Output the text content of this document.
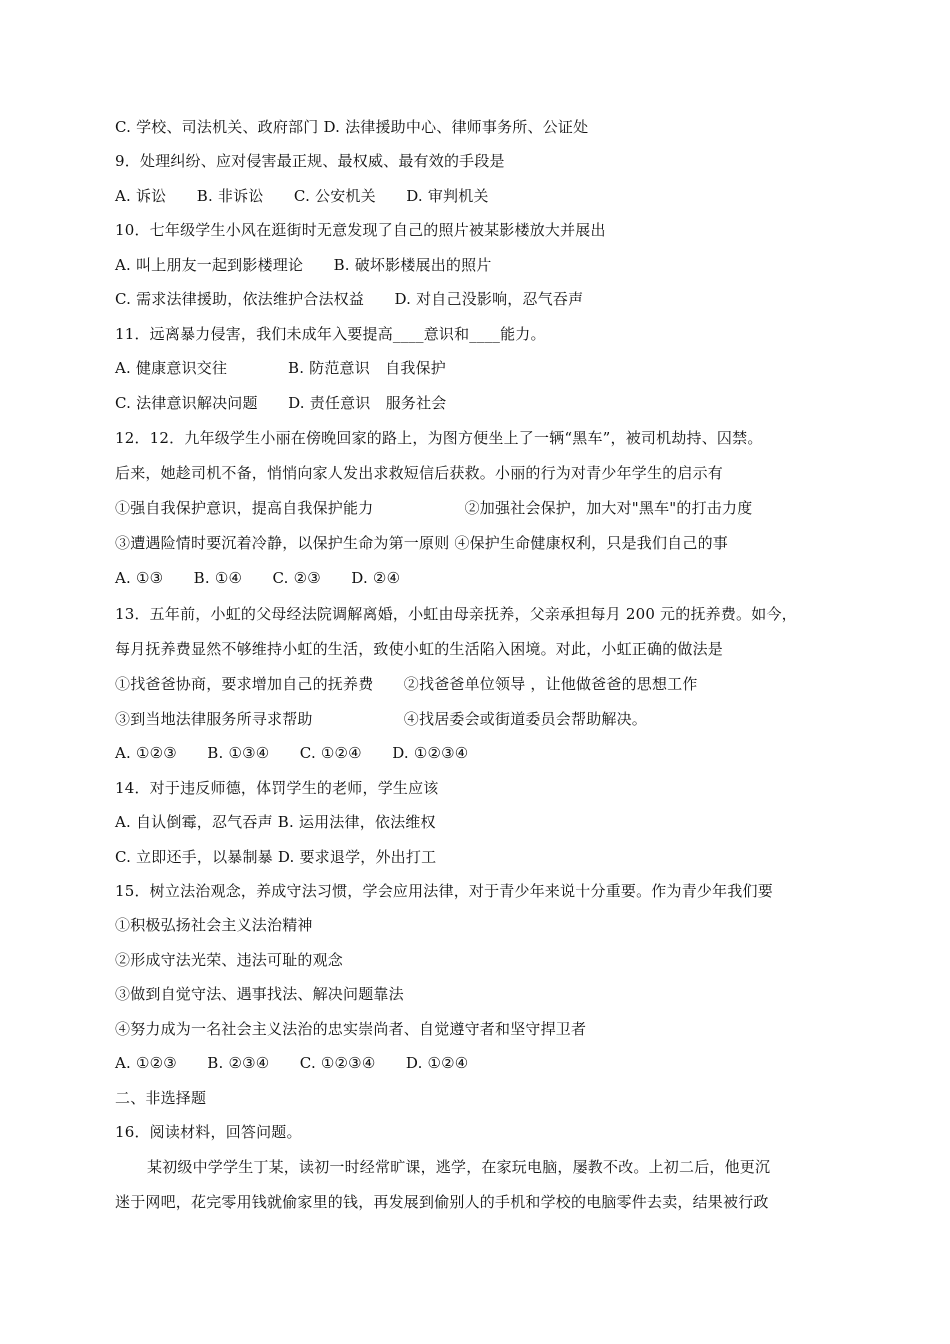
C. 学校、司法机关、政府部门 D. 法律援助中心、律师事务所、公证处
9．处理纠纷、应对侵害最正规、最权威、最有效的手段是
A. 诉讼　　B. 非诉讼　　C. 公安机关　　D. 审判机关
10．七年级学生小风在逛街时无意发现了自己的照片被某影楼放大并展出
A. 叫上朋友一起到影楼理论　　B. 破坏影楼展出的照片
C. 需求法律援助，依法维护合法权益　　D. 对自己没影响，忍气吞声
11．远离暴力侵害，我们未成年入要提高____意识和____能力。
A. 健康意识交往　　　　B. 防范意识　自我保护
C. 法律意识解决问题　　D. 责任意识　服务社会
12．12．九年级学生小丽在傍晚回家的路上，为图方便坐上了一辆“黑车”，被司机劫持、囚禁。
后来，她趁司机不备，悄悄向家人发出求救短信后获救。小丽的行为对青少年学生的启示有
①强自我保护意识，提高自我保护能力　　　　　　②加强社会保护，加大对"黑车"的打击力度
③遭遇险情时要沉着冷静，以保护生命为第一原则 ④保护生命健康权利，只是我们自己的事
A. ①③　　B. ①④　　C. ②③　　D. ②④
13．五年前，小虹的父母经法院调解离婚，小虹由母亲抚养，父亲承担每月 200 元的抚养费。如今，
每月抚养费显然不够维持小虹的生活，致使小虹的生活陷入困境。对此，小虹正确的做法是
①找爸爸协商，要求增加自己的抚养费　　②找爸爸单位领导 ，让他做爸爸的思想工作
③到当地法律服务所寻求帮助　　　　　　④找居委会或街道委员会帮助解决。
A. ①②③　　B. ①③④　　C. ①②④　　D. ①②③④
14．对于违反师德，体罚学生的老师，学生应该
A. 自认倒霉，忍气吞声 B. 运用法律，依法维权
C. 立即还手，以暴制暴 D. 要求退学，外出打工
15．树立法治观念，养成守法习惯，学会应用法律，对于青少年来说十分重要。作为青少年我们要
①积极弘扬社会主义法治精神
②形成守法光荣、违法可耻的观念
③做到自觉守法、遇事找法、解决问题靠法
④努力成为一名社会主义法治的忠实崇尚者、自觉遵守者和坚守捍卫者
A. ①②③　　B. ②③④　　C. ①②③④　　D. ①②④
二、非选择题
16．阅读材料，回答问题。
某初级中学学生丁某，读初一时经常旷课，逃学，在家玩电脑，屡教不改。上初二后，他更沉
迷于网吧，花完零用钱就偷家里的钱，再发展到偷别人的手机和学校的电脑零件去卖，结果被行政
